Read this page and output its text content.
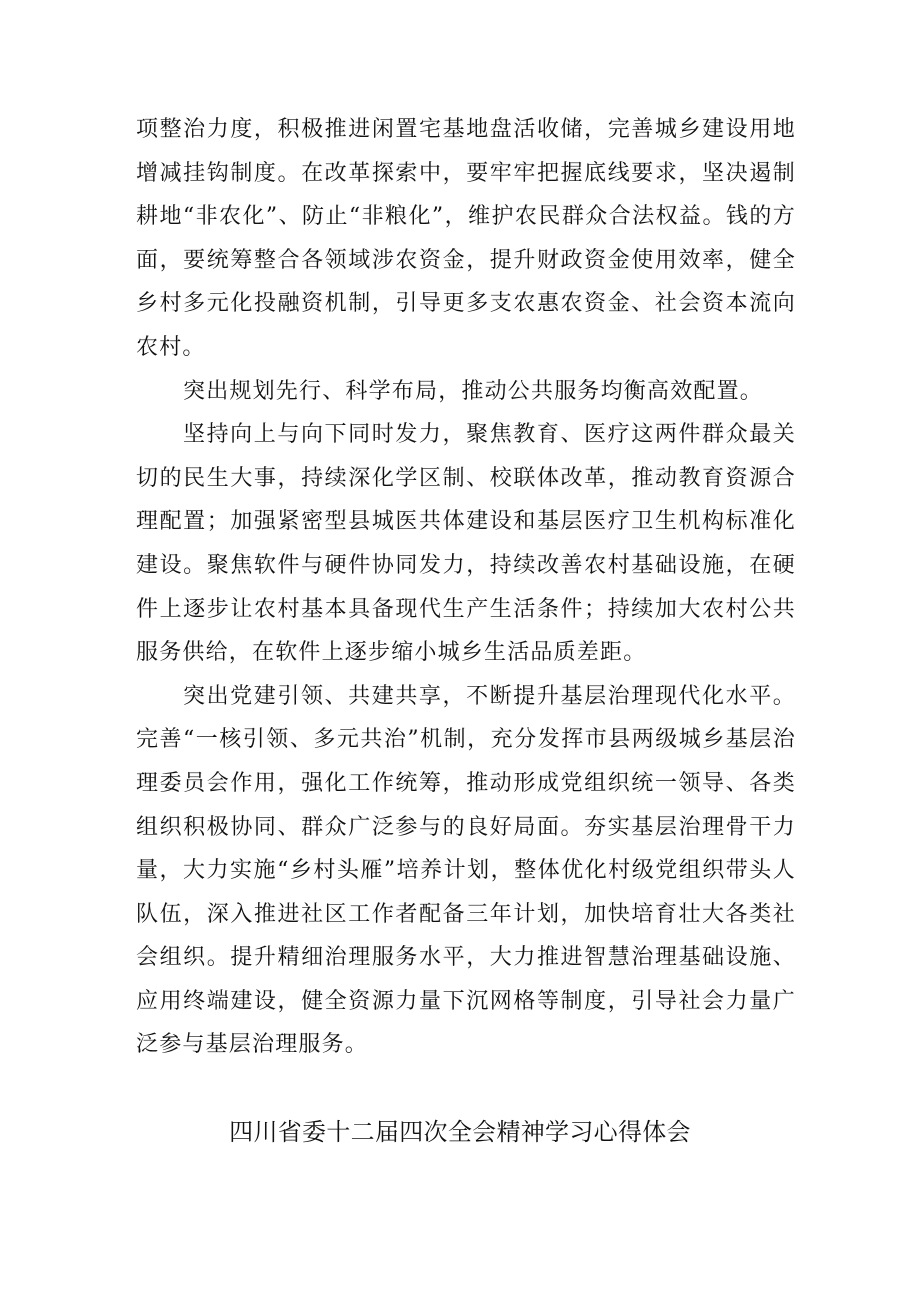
项整治力度，积极推进闲置宅基地盘活收储，完善城乡建设用地增减挂钩制度。在改革探索中，要牢牢把握底线要求，坚决遏制耕地“非农化”、防止“非粮化”，维护农民群众合法权益。钱的方面，要统筹整合各领域涉农资金，提升财政资金使用效率，健全乡村多元化投融资机制，引导更多支农惠农资金、社会资本流向农村。

突出规划先行、科学布局，推动公共服务均衡高效配置。

坚持向上与向下同时发力，聚焦教育、医疗这两件群众最关切的民生大事，持续深化学区制、校联体改革，推动教育资源合理配置；加强紧密型县城医共体建设和基层医疗卫生机构标准化建设。聚焦软件与硬件协同发力，持续改善农村基础设施，在硬件上逐步让农村基本具备现代生产生活条件；持续加大农村公共服务供给，在软件上逐步缩小城乡生活品质差距。

突出党建引领、共建共享，不断提升基层治理现代化水平。完善“一核引领、多元共治”机制，充分发挥市县两级城乡基层治理委员会作用，强化工作统筹，推动形成党组织统一领导、各类组织积极协同、群众广泛参与的良好局面。夯实基层治理骨干力量，大力实施“乡村头雁”培养计划，整体优化村级党组织带头人队伍，深入推进社区工作者配备三年计划，加快培育壮大各类社会组织。提升精细治理服务水平，大力推进智慧治理基础设施、应用终端建设，健全资源力量下沉网格等制度，引导社会力量广泛参与基层治理服务。

四川省委十二届四次全会精神学习心得体会
